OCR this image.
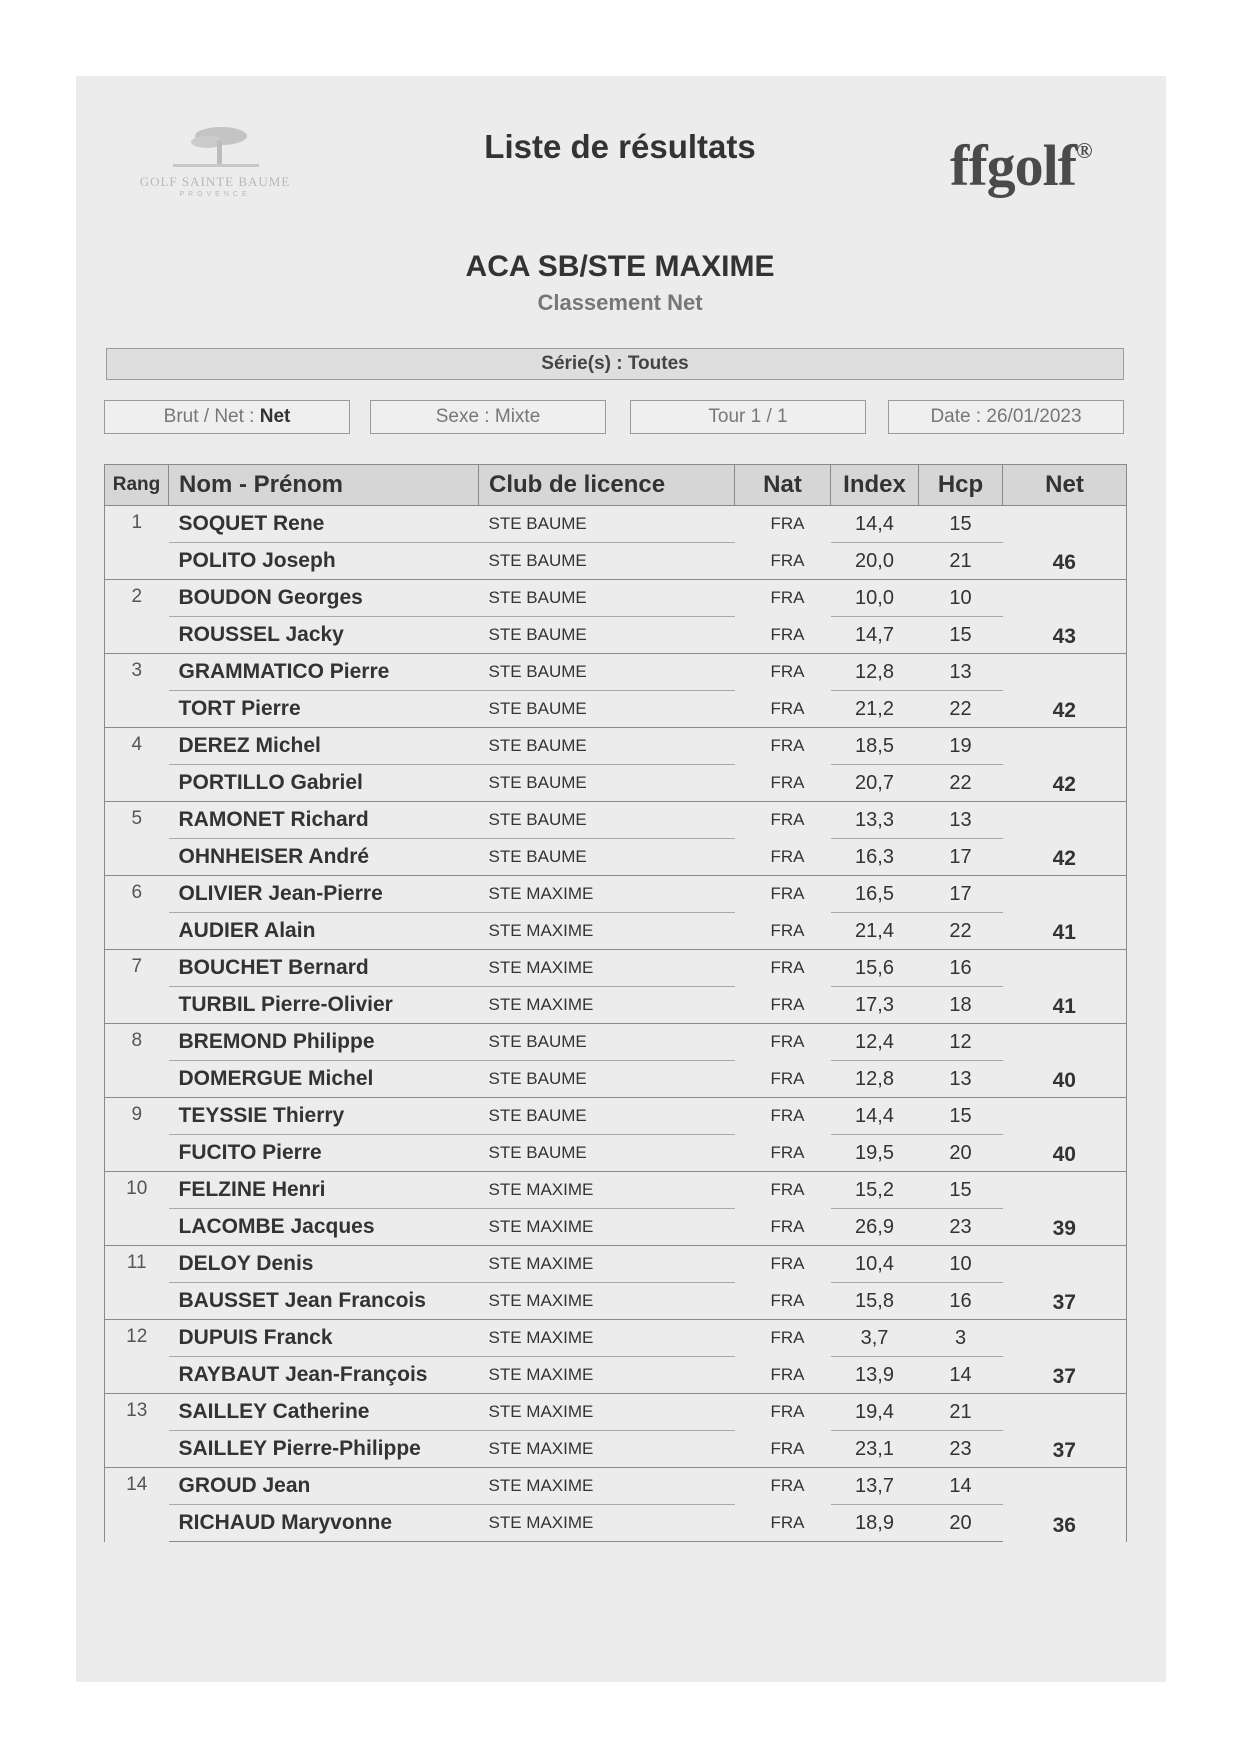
GOLF SAINTE BAUME
PROVENCE
Liste de résultats	ffgolf®
ACA SB/STE MAXIME
Classement Net
Série(s) : Toutes
Brut / Net : Net	Sexe : Mixte	Tour 1 / 1	Date : 26/01/2023
Rang	Nom - Prénom	Club de licence	Nat	Index	Hcp	Net
1	SOQUET Rene	STE BAUME	FRA	14,4	15	46
	POLITO Joseph	STE BAUME	FRA	20,0	21	
2	BOUDON Georges	STE BAUME	FRA	10,0	10	43
	ROUSSEL Jacky	STE BAUME	FRA	14,7	15	
3	GRAMMATICO Pierre	STE BAUME	FRA	12,8	13	42
	TORT Pierre	STE BAUME	FRA	21,2	22	
4	DEREZ Michel	STE BAUME	FRA	18,5	19	42
	PORTILLO Gabriel	STE BAUME	FRA	20,7	22	
5	RAMONET Richard	STE BAUME	FRA	13,3	13	42
	OHNHEISER André	STE BAUME	FRA	16,3	17	
6	OLIVIER Jean-Pierre	STE MAXIME	FRA	16,5	17	41
	AUDIER Alain	STE MAXIME	FRA	21,4	22	
7	BOUCHET Bernard	STE MAXIME	FRA	15,6	16	41
	TURBIL Pierre-Olivier	STE MAXIME	FRA	17,3	18	
8	BREMOND Philippe	STE BAUME	FRA	12,4	12	40
	DOMERGUE Michel	STE BAUME	FRA	12,8	13	
9	TEYSSIE Thierry	STE BAUME	FRA	14,4	15	40
	FUCITO Pierre	STE BAUME	FRA	19,5	20	
10	FELZINE Henri	STE MAXIME	FRA	15,2	15	39
	LACOMBE Jacques	STE MAXIME	FRA	26,9	23	
11	DELOY Denis	STE MAXIME	FRA	10,4	10	37
	BAUSSET Jean Francois	STE MAXIME	FRA	15,8	16	
12	DUPUIS Franck	STE MAXIME	FRA	3,7	3	37
	RAYBAUT Jean-François	STE MAXIME	FRA	13,9	14	
13	SAILLEY Catherine	STE MAXIME	FRA	19,4	21	37
	SAILLEY Pierre-Philippe	STE MAXIME	FRA	23,1	23	
14	GROUD Jean	STE MAXIME	FRA	13,7	14	36
	RICHAUD Maryvonne	STE MAXIME	FRA	18,9	20	
